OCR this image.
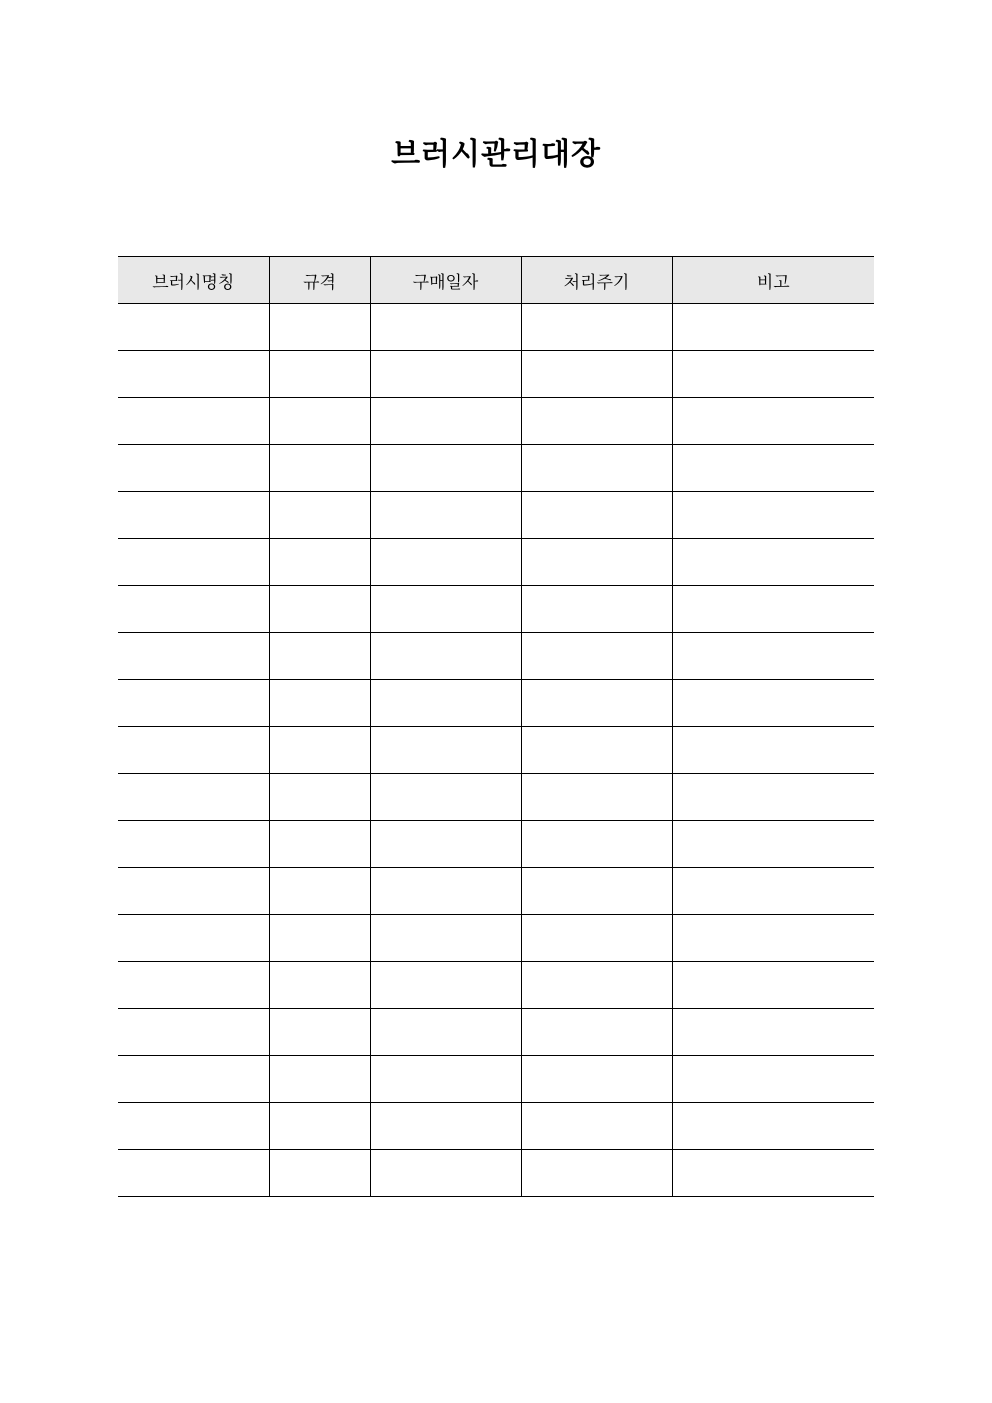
브러시관리대장
브러시명칭	규격	구매일자	처리주기	비고
